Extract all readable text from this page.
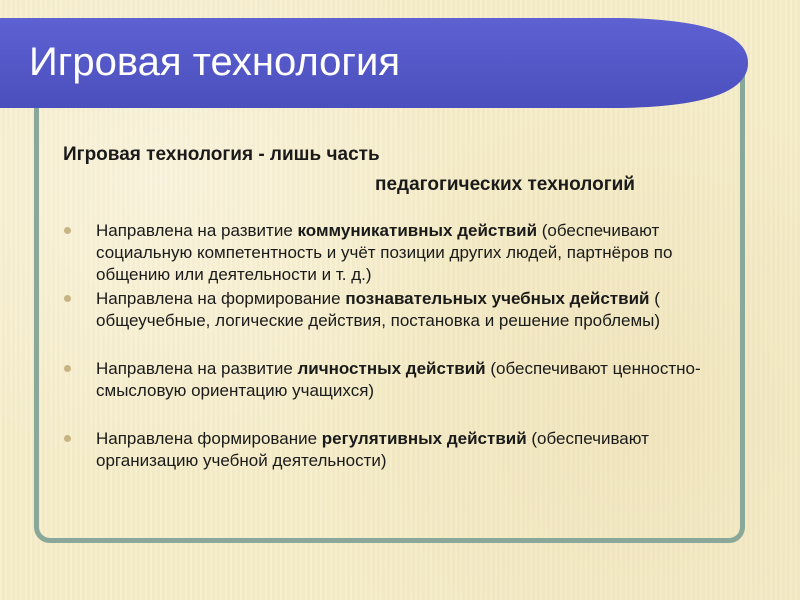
Игровая технология
Игровая технология - лишь часть
педагогических технологий
Направлена на развитие коммуникативных действий (обеспечивают социальную компетентность и учёт позиции других людей, партнёров по общению или деятельности и т. д.)
Направлена на формирование познавательных учебных действий ( общеучебные, логические действия, постановка и решение проблемы)
Направлена на развитие личностных действий (обеспечивают ценностно-смысловую ориентацию учащихся)
Направлена формирование регулятивных действий (обеспечивают организацию учебной деятельности)
